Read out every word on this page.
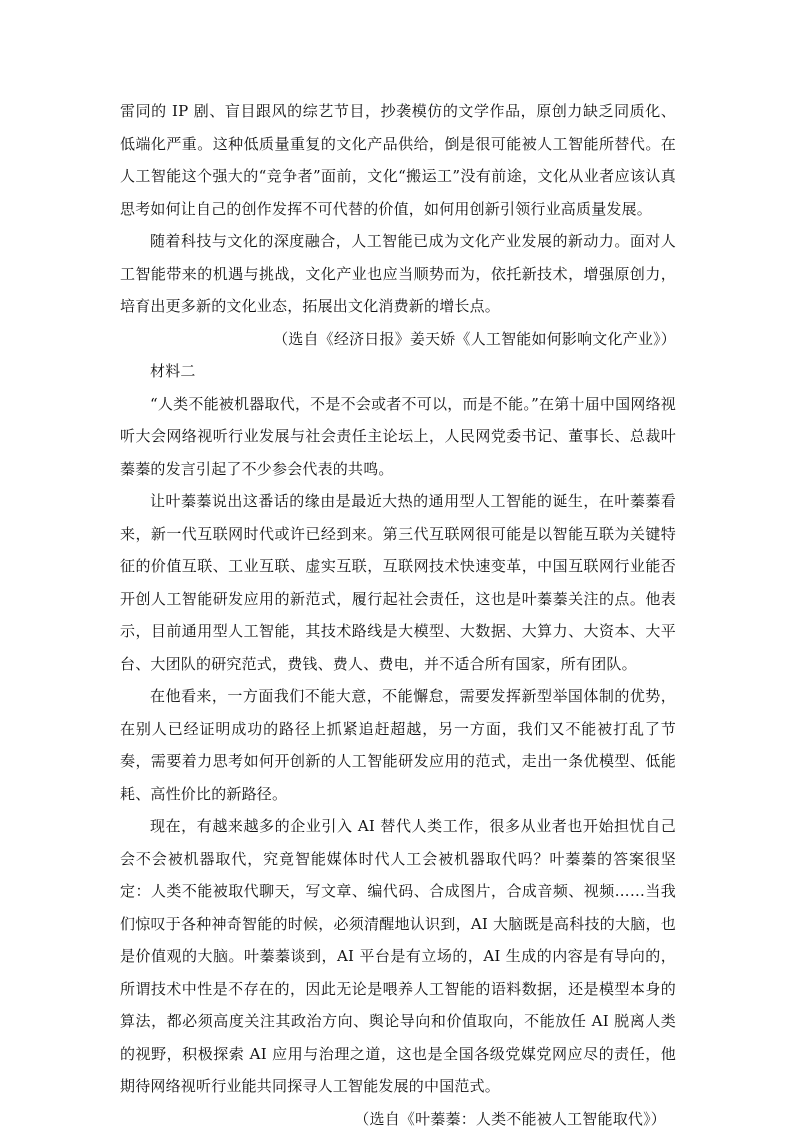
雷同的 IP 剧、盲目跟风的综艺节目，抄袭模仿的文学作品，原创力缺乏同质化、低端化严重。这种低质量重复的文化产品供给，倒是很可能被人工智能所替代。在人工智能这个强大的“竞争者”面前，文化“搬运工”没有前途，文化从业者应该认真思考如何让自己的创作发挥不可代替的价值，如何用创新引领行业高质量发展。

随着科技与文化的深度融合，人工智能已成为文化产业发展的新动力。面对人工智能带来的机遇与挑战，文化产业也应当顺势而为，依托新技术，增强原创力，培育出更多新的文化业态，拓展出文化消费新的增长点。

（选自《经济日报》姜天娇《人工智能如何影响文化产业》）

材料二

“人类不能被机器取代，不是不会或者不可以，而是不能。”在第十届中国网络视听大会网络视听行业发展与社会责任主论坛上，人民网党委书记、董事长、总裁叶蓁蓁的发言引起了不少参会代表的共鸣。

让叶蓁蓁说出这番话的缘由是最近大热的通用型人工智能的诞生，在叶蓁蓁看来，新一代互联网时代或许已经到来。第三代互联网很可能是以智能互联为关键特征的价值互联、工业互联、虚实互联，互联网技术快速变革，中国互联网行业能否开创人工智能研发应用的新范式，履行起社会责任，这也是叶蓁蓁关注的点。他表示，目前通用型人工智能，其技术路线是大模型、大数据、大算力、大资本、大平台、大团队的研究范式，费钱、费人、费电，并不适合所有国家，所有团队。

在他看来，一方面我们不能大意，不能懈怠，需要发挥新型举国体制的优势，在别人已经证明成功的路径上抓紧追赶超越，另一方面，我们又不能被打乱了节奏，需要着力思考如何开创新的人工智能研发应用的范式，走出一条优模型、低能耗、高性价比的新路径。

现在，有越来越多的企业引入 AI 替代人类工作，很多从业者也开始担忧自己会不会被机器取代，究竟智能媒体时代人工会被机器取代吗？叶蓁蓁的答案很坚定：人类不能被取代聊天，写文章、编代码、合成图片，合成音频、视频……当我们惊叹于各种神奇智能的时候，必须清醒地认识到，AI 大脑既是高科技的大脑，也是价值观的大脑。叶蓁蓁谈到，AI 平台是有立场的，AI 生成的内容是有导向的，所谓技术中性是不存在的，因此无论是喂养人工智能的语料数据，还是模型本身的算法，都必须高度关注其政治方向、舆论导向和价值取向，不能放任 AI 脱离人类的视野，积极探索 AI 应用与治理之道，这也是全国各级党媒党网应尽的责任，他期待网络视听行业能共同探寻人工智能发展的中国范式。

（选自《叶蓁蓁：人类不能被人工智能取代》）
